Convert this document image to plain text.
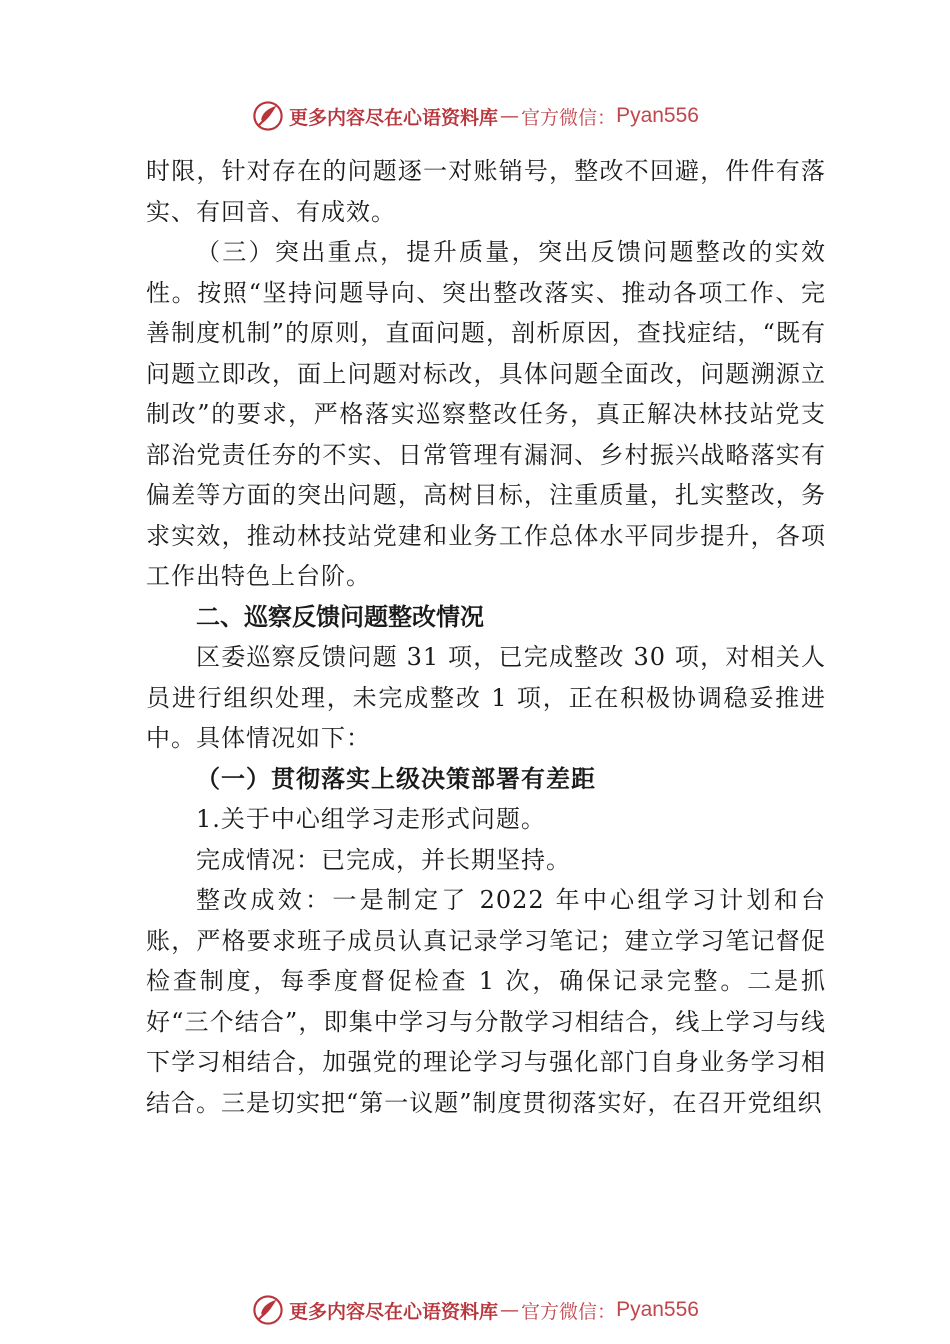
更多内容尽在心语资料库 — 官方微信： Pyan556

时限，针对存在的问题逐一对账销号，整改不回避，件件有落实、有回音、有成效。

（三）突出重点，提升质量，突出反馈问题整改的实效性。按照“坚持问题导向、突出整改落实、推动各项工作、完善制度机制”的原则，直面问题，剖析原因，查找症结，“既有问题立即改，面上问题对标改，具体问题全面改，问题溯源立制改”的要求，严格落实巡察整改任务，真正解决林技站党支部治党责任夯的不实、日常管理有漏洞、乡村振兴战略落实有偏差等方面的突出问题，高树目标，注重质量，扎实整改，务求实效，推动林技站党建和业务工作总体水平同步提升，各项工作出特色上台阶。

二、巡察反馈问题整改情况

区委巡察反馈问题 31 项，已完成整改 30 项，对相关人员进行组织处理，未完成整改 1 项，正在积极协调稳妥推进中。具体情况如下：

（一）贯彻落实上级决策部署有差距

1.关于中心组学习走形式问题。

完成情况：已完成，并长期坚持。

整改成效：一是制定了 2022 年中心组学习计划和台账，严格要求班子成员认真记录学习笔记；建立学习笔记督促检查制度，每季度督促检查 1 次，确保记录完整。二是抓好“三个结合”，即集中学习与分散学习相结合，线上学习与线下学习相结合，加强党的理论学习与强化部门自身业务学习相结合。三是切实把“第一议题”制度贯彻落实好，在召开党组织

更多内容尽在心语资料库 — 官方微信： Pyan556
